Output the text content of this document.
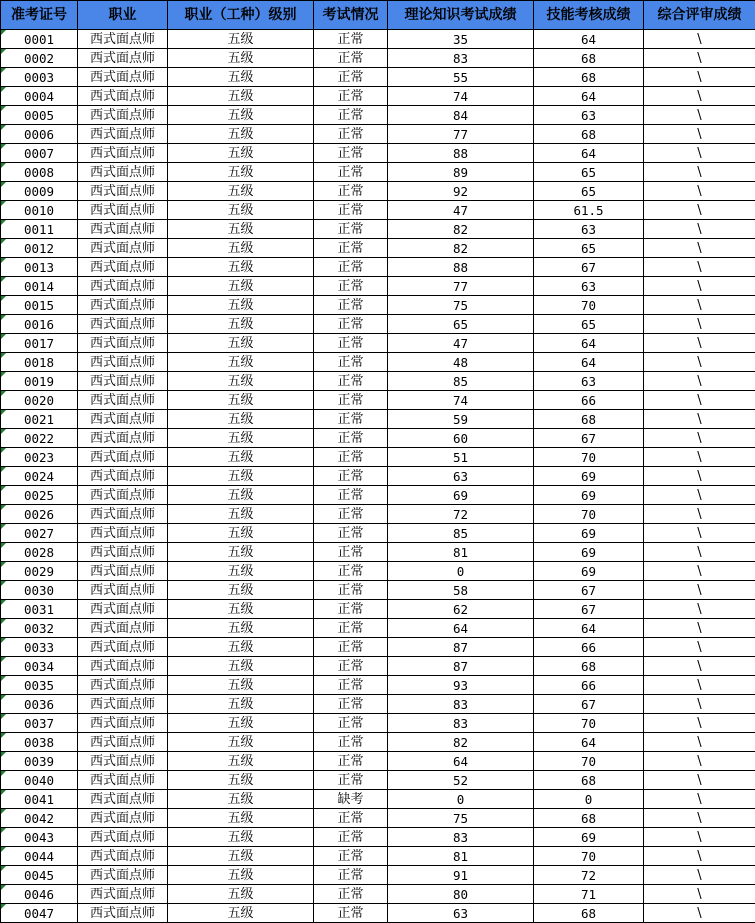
准考证号	职业	职业（工种）级别	考试情况	理论知识考试成绩	技能考核成绩	综合评审成绩
0001	西式面点师	五级	正常	35	64	\
0002	西式面点师	五级	正常	83	68	\
0003	西式面点师	五级	正常	55	68	\
0004	西式面点师	五级	正常	74	64	\
0005	西式面点师	五级	正常	84	63	\
0006	西式面点师	五级	正常	77	68	\
0007	西式面点师	五级	正常	88	64	\
0008	西式面点师	五级	正常	89	65	\
0009	西式面点师	五级	正常	92	65	\
0010	西式面点师	五级	正常	47	61.5	\
0011	西式面点师	五级	正常	82	63	\
0012	西式面点师	五级	正常	82	65	\
0013	西式面点师	五级	正常	88	67	\
0014	西式面点师	五级	正常	77	63	\
0015	西式面点师	五级	正常	75	70	\
0016	西式面点师	五级	正常	65	65	\
0017	西式面点师	五级	正常	47	64	\
0018	西式面点师	五级	正常	48	64	\
0019	西式面点师	五级	正常	85	63	\
0020	西式面点师	五级	正常	74	66	\
0021	西式面点师	五级	正常	59	68	\
0022	西式面点师	五级	正常	60	67	\
0023	西式面点师	五级	正常	51	70	\
0024	西式面点师	五级	正常	63	69	\
0025	西式面点师	五级	正常	69	69	\
0026	西式面点师	五级	正常	72	70	\
0027	西式面点师	五级	正常	85	69	\
0028	西式面点师	五级	正常	81	69	\
0029	西式面点师	五级	正常	0	69	\
0030	西式面点师	五级	正常	58	67	\
0031	西式面点师	五级	正常	62	67	\
0032	西式面点师	五级	正常	64	64	\
0033	西式面点师	五级	正常	87	66	\
0034	西式面点师	五级	正常	87	68	\
0035	西式面点师	五级	正常	93	66	\
0036	西式面点师	五级	正常	83	67	\
0037	西式面点师	五级	正常	83	70	\
0038	西式面点师	五级	正常	82	64	\
0039	西式面点师	五级	正常	64	70	\
0040	西式面点师	五级	正常	52	68	\
0041	西式面点师	五级	缺考	0	0	\
0042	西式面点师	五级	正常	75	68	\
0043	西式面点师	五级	正常	83	69	\
0044	西式面点师	五级	正常	81	70	\
0045	西式面点师	五级	正常	91	72	\
0046	西式面点师	五级	正常	80	71	\
0047	西式面点师	五级	正常	63	68	\
